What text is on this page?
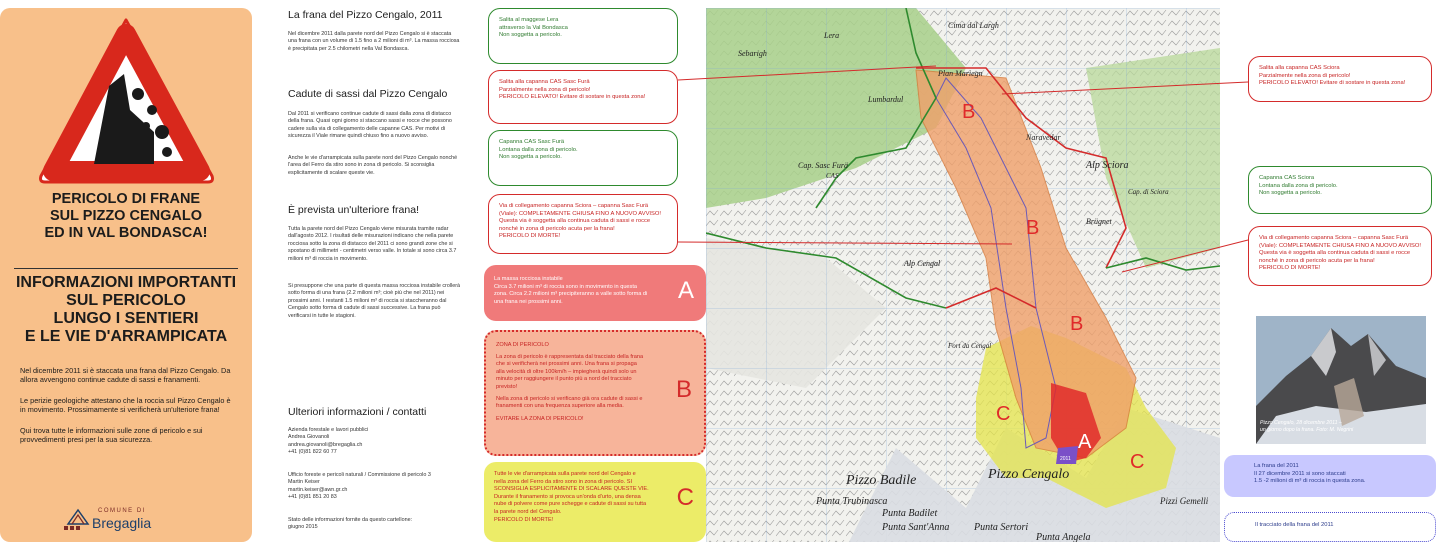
PERICOLO DI FRANE
SUL PIZZO CENGALO
ED IN VAL BONDASCA!
INFORMAZIONI IMPORTANTI
SUL PERICOLO
LUNGO I SENTIERI
E LE VIE D'ARRAMPICATA
Nel dicembre 2011 si è staccata una frana dal Pizzo Cengalo. Da allora avvengono continue cadute di sassi e franamenti.
Le perizie geologiche attestano che la roccia sul Pizzo Cengalo è in movimento. Prossimamente si verificherà un'ulteriore frana!
Qui trova tutte le informazioni sulle zone di pericolo e sui provvedimenti presi per la sua sicurezza.
COMUNE DI
Bregaglia
La frana del Pizzo Cengalo, 2011
Nel dicembre 2011 dalla parete nord del Pizzo Cengalo si è staccata una frana con un volume di 1.5 fino a 2 milioni di m³. La massa rocciosa è precipitata per 2.5 chilometri nella Val Bondasca.
Cadute di sassi dal Pizzo Cengalo
Dal 2011 si verificano continue cadute di sassi dalla zona di distacco della frana. Quasi ogni giorno si staccano sassi e rocce che possono cadere sulla via di collegamento delle capanne CAS. Per motivi di sicurezza il Viale rimane quindi chiuso fino a nuovo avviso.
Anche le vie d'arrampicata sulla parete nord del Pizzo Cengalo nonché l'area del Ferro da stiro sono in zona di pericolo. Si sconsiglia esplicitamente di scalare queste vie.
È prevista un'ulteriore frana!
Tutta la parete nord del Pizzo Cengalo viene misurata tramite radar dall'agosto 2012. I risultati delle misurazioni indicano che nella parete rocciosa sotto la zona di distacco del 2011 ci sono grandi zone che si spostano di millimetri - centimetri verso valle. In totale si sono circa 3.7 milioni m³ di roccia in movimento.
Si presuppone che una parte di questa massa rocciosa instabile crollerà sotto forma di una frana (2.2 milioni m³; cioè più che nel 2011) nei prossimi anni. I restanti 1.5 milioni m³ di roccia si staccheranno dal Cengalo sotto forma di cadute di sassi successive. La frana può verificarsi in tutte le stagioni.
Ulteriori informazioni / contatti
Azienda forestale e lavori pubblici
Andrea Giovanoli
andrea.giovanoli@bregaglia.ch
+41 (0)81 822 60 77
Ufficio foreste e pericoli naturali / Commissione di pericolo 3
Martin Keiser
martin.keiser@awn.gr.ch
+41 (0)81 851 20 83
Stato delle informazioni fornite da questo cartellone:
giugno 2015
Salita al maggese Lera
attraverso la Val Bondasca
Non soggetta a pericolo.
Salita alla capanna CAS Sasc Furä
Parzialmente nella zona di pericolo!
PERICOLO ELEVATO! Evitare di sostare in questa zona!
Capanna CAS Sasc Furä
Lontana dalla zona di pericolo.
Non soggetta a pericolo.
Via di collegamento capanna Sciora – capanna Sasc Furä
(Viale): COMPLETAMENTE CHIUSA FINO A NUOVO AVVISO!
Questa via è soggetta alla continua caduta di sassi e rocce
nonché in zona di pericolo acuta per la frana!
PERICOLO DI MORTE!
La massa rocciosa instabile
Circa 3.7 milioni m³ di roccia sono in movimento in questa
zona. Circa 2.2 milioni m³ precipiteranno a valle sotto forma di
una frana nei prossimi anni.	A
ZONA DI PERICOLO
La zona di pericolo è rappresentata dal tracciato della frana
che si verificherà nei prossimi anni. Una frana si propaga
alla velocità di oltre 100km/h – impiegherà quindi solo un
minuto per raggiungere il punto più a nord del tracciato
previsto!
Nella zona di pericolo si verificano già ora cadute di sassi e
franamenti con una frequenza superiore alla media.
EVITARE LA ZONA DI PERICOLO!
B
Tutte le vie d'arrampicata sulla parete nord del Cengalo e
nella zona del Ferro da stiro sono in zona di pericolo. SI
SCONSIGLIA ESPLICITAMENTE DI SCALARE QUESTE VIE.
Durante il franamento si provoca un'onda d'urto, una densa
nube di polvere come pure schegge e cadute di sassi su tutta
la parete nord del Cengalo.
PERICOLO DI MORTE!
C
Lera
Sebarigh
Lumbardul
Cap. Sasc Furä
CAS
Alp Sciora
Naravedar
Brügnet
Cap. di Sciora
Alp Cengal
Fort da Cengal
Pizzo Badile	Pizzo Cengalo
Punta Badilet
Punta Sant'Anna Punta Sertori
Punta Trubinasca
Punta Angela
Pizzi Gemelli
Plan Mariegn
Cima dal Largh
B
B
B
C
C
A
2011
Salita alla capanna CAS Sciora
Parzialmente nella zona di pericolo!
PERICOLO ELEVATO! Evitare di sostare in questa zona!
Capanna CAS Sciora
Lontana dalla zona di pericolo.
Non soggetta a pericolo.
Via di collegamento capanna Sciora – capanna Sasc Furä
(Viale): COMPLETAMENTE CHIUSA FINO A NUOVO AVVISO!
Questa via è soggetta alla continua caduta di sassi e rocce
nonché in zona di pericolo acuta per la frana!
PERICOLO DI MORTE!
Pizzo Cengalo, 28 dicembre 2011 –
un giorno dopo la frana. Foto: M. Negrini
La frana del 2011
Il 27 dicembre 2011 si sono staccati
1.5 -2 milioni di m³ di roccia in questa zona.
Il tracciato della frana del 2011
